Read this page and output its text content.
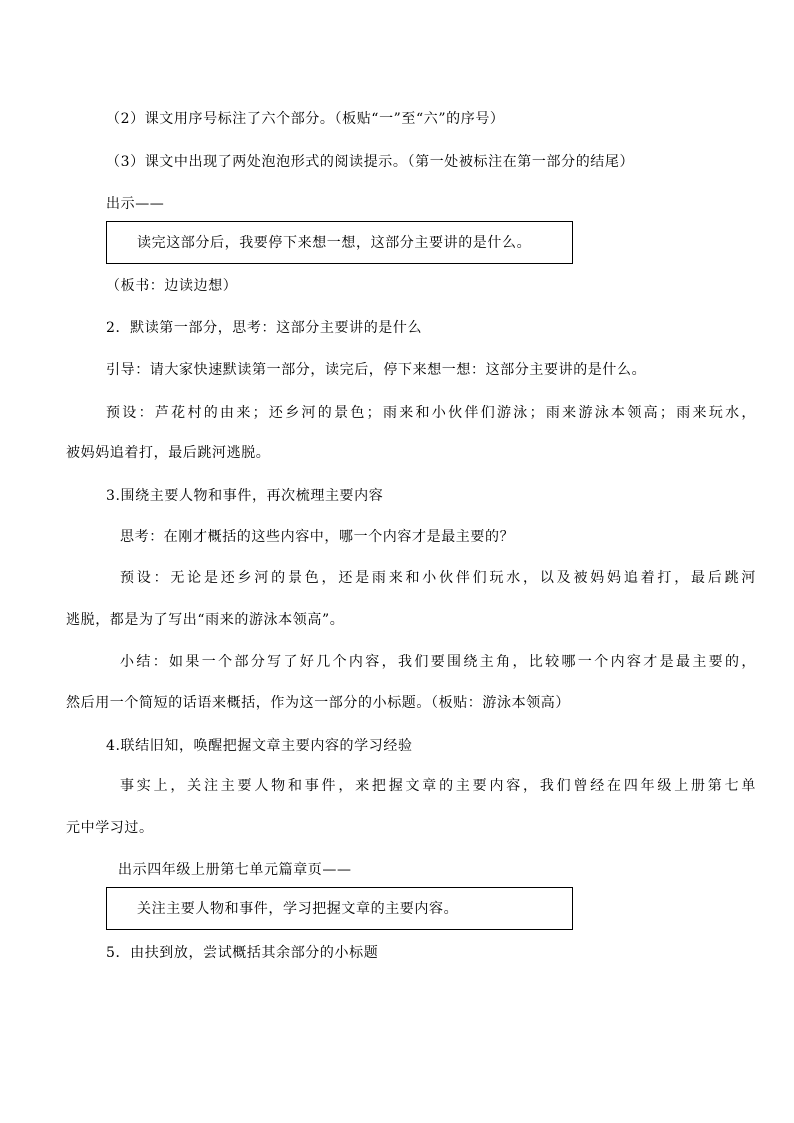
（2）课文用序号标注了六个部分。（板贴“一”至“六”的序号）
（3）课文中出现了两处泡泡形式的阅读提示。（第一处被标注在第一部分的结尾）
出示——
读完这部分后，我要停下来想一想，这部分主要讲的是什么。
（板书：边读边想）
2．默读第一部分，思考：这部分主要讲的是什么
引导：请大家快速默读第一部分，读完后，停下来想一想：这部分主要讲的是什么。
预设：芦花村的由来；还乡河的景色；雨来和小伙伴们游泳；雨来游泳本领高；雨来玩水，
被妈妈追着打，最后跳河逃脱。
3.围绕主要人物和事件，再次梳理主要内容
思考：在刚才概括的这些内容中，哪一个内容才是最主要的？
预设：无论是还乡河的景色，还是雨来和小伙伴们玩水，以及被妈妈追着打，最后跳河
逃脱，都是为了写出“雨来的游泳本领高”。
小结：如果一个部分写了好几个内容，我们要围绕主角，比较哪一个内容才是最主要的，
然后用一个简短的话语来概括，作为这一部分的小标题。（板贴：游泳本领高）
4.联结旧知，唤醒把握文章主要内容的学习经验
事实上，关注主要人物和事件，来把握文章的主要内容，我们曾经在四年级上册第七单
元中学习过。
出示四年级上册第七单元篇章页——
关注主要人物和事件，学习把握文章的主要内容。
5．由扶到放，尝试概括其余部分的小标题
